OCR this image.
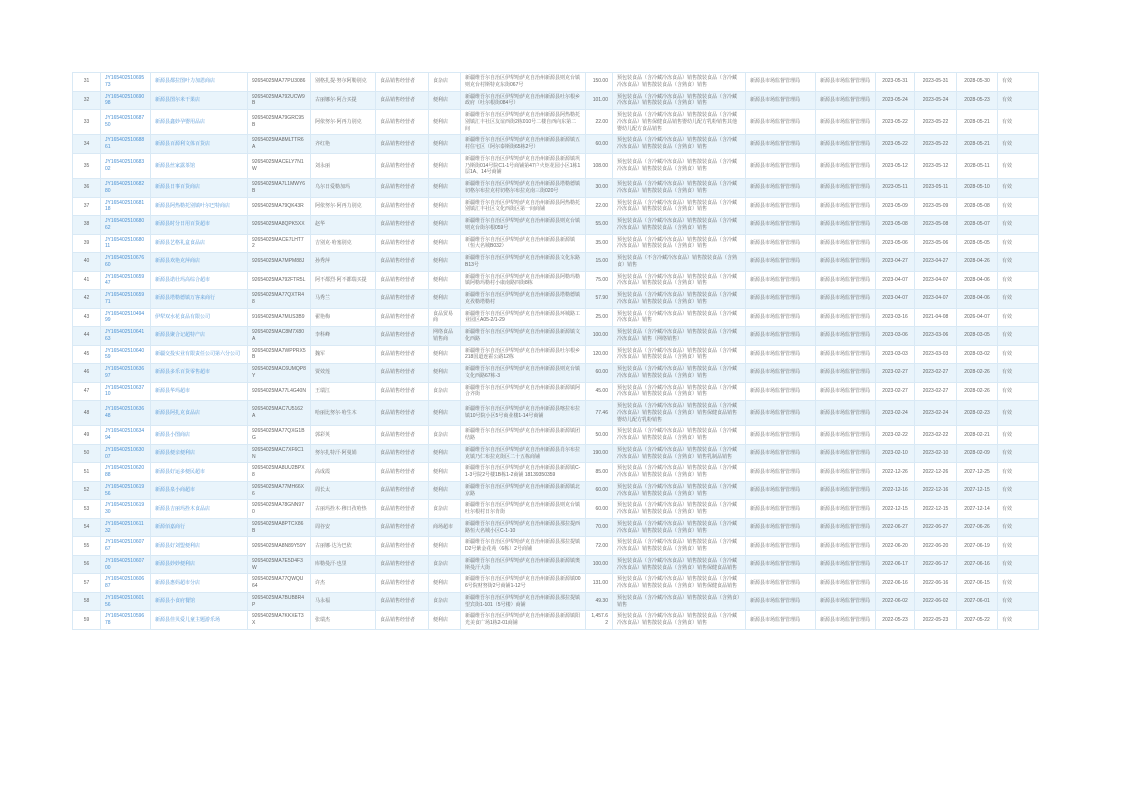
31	JY16540251069573	新源县都拉图叶力加恩商店	92654025MA77PU3086	别格扎提·努尔阿勒别克	食品销售经营者	食杂店	新疆维吾尔自治区伊犁哈萨克自治州新源县则克台镇则克台村斯特克东街067号	150.00	预包装食品（含冷藏冷冻食品）销售散装食品（含冷藏冷冻食品）销售散装食品（含熟食）销售	新源县市场监督管理局	新源县市场监督管理局	2023-05-31	2023-05-31	2028-05-30	有效
32	JY16540251069098	新源县图尔米干果店	92654025MA792UCW9B	古丽娜尔·阿合买提	食品销售经营者	便利店	新疆维吾尔自治区伊犁哈萨克自治州新源县吐尔根乡政府（吐尔根街084号）	101.00	预包装食品（含冷藏冷冻食品）销售散装食品（含冷藏冷冻食品）销售散装食品（含熟食）销售	新源县市场监督管理局	新源县市场监督管理局	2023-05-24	2023-05-24	2028-05-23	有效
33	JY16540251068750	新源县鑫妙孕婴用品店	92654025MA79GRC95B	阿依努尔·阿再力别克	食品销售经营者	便利店	新疆维吾尔自治区伊犁哈萨克自治州新源县阿热勒托别镇汇丰社区友谊西街2栋010号二楼自西向东第二间	22.00	预包装食品（含冷藏冷冻食品）销售散装食品（含冷藏冷冻食品）销售保健食品销售婴幼儿配方乳粉销售其他婴幼儿配方食品销售	新源县市场监督管理局	新源县市场监督管理局	2023-05-22	2023-05-22	2028-05-21	有效
34	JY16540251068861	新源县百源利文体百货店	92654025MA8MLTTR6A	齐红艳	食品销售经营者	便利店	新疆维吾尔自治区伊犁哈萨克自治州新源县新源镇五村住宅区（阿尔泰斯街65栋2号）	60.00	预包装食品（含冷藏冷冻食品）销售散装食品（含冷藏冷冻食品）销售散装食品（含熟食）销售	新源县市场监督管理局	新源县市场监督管理局	2023-05-22	2023-05-22	2028-05-21	有效
35	JY16540251068302	新源县丝家露茶馆	92654025MACELY7N1W	刘永丽	食品销售经营者	便利店	新疆维吾尔自治区伊犁哈萨克自治州新源县新源镇巩乃斯街014号院C1-1号商铺第47户火炬花园小区1栋1层1A、14号商铺	108.00	预包装食品（含冷藏冷冻食品）销售散装食品（含冷藏冷冻食品）销售散装食品（含熟食）销售	新源县市场监督管理局	新源县市场监督管理局	2023-05-12	2023-05-12	2028-05-11	有效
36	JY16540251068280	新源县日事百货商店	92654025MA7L1MWY6B	乌尔日爱勒加玛	食品销售经营者	便利店	新疆维吾尔自治区伊犁哈萨克自治州新源县塔勒德镇切格尔布拉克村切格尔布拉克南三街020号	30.00	预包装食品（含冷藏冷冻食品）销售散装食品（含冷藏冷冻食品）销售散装食品（含熟食）销售	新源县市场监督管理局	新源县市场监督管理局	2023-05-11	2023-05-11	2028-05-10	有效
37	JY16540251068118	新源县阿热勒托别镇叶尔巴特商店	92654025MA79QK43R	阿依努尔·阿再力别克	食品销售经营者	便利店	新疆维吾尔自治区伊犁哈萨克自治州新源县阿热勒托别镇汇丰社区文化西街区第一间商铺	22.00	预包装食品（含冷藏冷冻食品）销售散装食品（含冷藏冷冻食品）销售散装食品（含熟食）销售	新源县市场监督管理局	新源县市场监督管理局	2023-05-09	2023-05-09	2028-05-08	有效
38	JY16540251068062	新源县时分日用百货超市	92654025MA8QPK5XX	赵华	食品销售经营者	便利店	新疆维吾尔自治区伊犁哈萨克自治州新源县则克台镇则克台街尔根059号	55.00	预包装食品（含冷藏冷冻食品）销售散装食品（含冷藏冷冻食品）销售散装食品（含熟食）销售	新源县市场监督管理局	新源县市场监督管理局	2023-05-08	2023-05-08	2028-05-07	有效
39	JY16540251068011	新源县艺格礼盒食品店	92654025MACE7LHT72	吉别克·哈塞别克	食品销售经营者	便利店	新疆维吾尔自治区伊犁哈萨克自治州新源县新源镇（恒大名城B032）	35.00	预包装食品（含冷藏冷冻食品）销售散装食品（含冷藏冷冻食品）销售散装食品（含熟食）销售	新源县市场监督管理局	新源县市场监督管理局	2023-05-06	2023-05-06	2028-05-05	有效
40	JY16540251067660	新源县欢艳克萍商店	92654025MA7MPM88J	孙秀萍	食品销售经营者	便利店	新疆维吾尔自治区伊犁哈萨克自治州新源县文化东路B13号	15.00	预包装食品（不含冷藏冷冻食品）销售散装食品（含熟食）销售	新源县市场监督管理局	新源县市场监督管理局	2023-04-27	2023-04-27	2028-04-26	有效
41	JY16540251065947	新源县诺壮玛高综合超市	92654025MA792FTR5L	阿不都烈·阿不都瑞买提	食品销售经营者	便利店	新疆维吾尔自治区伊犁哈萨克自治州新源县阿勒玛勒镇阿勒玛勒村小康南路四街8栋	75.00	预包装食品（含冷藏冷冻食品）销售散装食品（含冷藏冷冻食品）销售散装食品（含熟食）销售	新源县市场监督管理局	新源县市场监督管理局	2023-04-07	2023-04-07	2028-04-06	有效
42	JY16540251065971	新源县塔勒德镇万客来商行	92654025MA77QXTR48	马秀兰	食品销售经营者	便利店	新疆维吾尔自治区伊犁哈萨克自治州新源县塔勒德镇克孜勒塔勒村	57.90	预包装食品（含冷藏冷冻食品）销售散装食品（含冷藏冷冻食品）销售散装食品（含熟食）销售	新源县市场监督管理局	新源县市场监督管理局	2023-04-07	2023-04-07	2028-04-06	有效
43	JY16540251049499	伊犁双水花食品有限公司	91654025MA7MUS3B9	翟艳梅	食品销售经营者	食品贸易商	新疆维吾尔自治区伊犁哈萨克自治州新源县环城路工业园区A05-2/1-29	25.00	预包装食品（含冷藏冷冻食品）销售散装食品（含冷藏冷冻食品）销售	新源县市场监督管理局	新源县市场监督管理局	2023-03-16	2021-04-08	2026-04-07	有效
44	JY16540251064163	新源县聚合记超特产店	92654025MAC8M7X80A	李科峰	食品销售经营者	网络食品销售商	新疆维吾尔自治区伊犁哈萨克自治州新源县新源镇文化西路	100.00	预包装食品（含冷藏冷冻食品）销售散装食品（含冷藏冷冻食品）销售（网络销售）	新源县市场监督管理局	新源县市场监督管理局	2023-03-06	2023-03-06	2028-03-05	有效
45	JY16540251064059	新疆交投实业有限责任公司第六分公司	92654025MA7WPPRX5B	魏军	食品销售经营者	便利店	新疆维吾尔自治区伊犁哈萨克自治州新源县吐尔根乡218国道连霍公路12栋	120.00	预包装食品（含冷藏冷冻食品）销售散装食品（含冷藏冷冻食品）销售散装食品（含熟食）销售	新源县市场监督管理局	新源县市场监督管理局	2023-03-03	2023-03-03	2028-03-02	有效
46	JY16540251063697	新源县多乐百货零售超市	92654025MAC6UMQP8Y	贾效莲	食品销售经营者	便利店	新疆维吾尔自治区伊犁哈萨克自治州新源县则克台镇文化西路67栋-3	60.00	预包装食品（含冷藏冷冻食品）销售散装食品（含冷藏冷冻食品）销售散装食品（含熟食）销售	新源县市场监督管理局	新源县市场监督管理局	2023-02-27	2023-02-27	2028-02-26	有效
47	JY16540251063710	新源县华玛超市	92654025MA77L4G40N	王瑞江	食品销售经营者	食杂店	新疆维吾尔自治区伊犁哈萨克自治州新源县新源镇阿合齐街	45.00	预包装食品（含冷藏冷冻食品）销售散装食品（含冷藏冷冻食品）销售散装食品（含熟食）销售	新源县市场监督管理局	新源县市场监督管理局	2023-02-27	2023-02-27	2028-02-26	有效
48	JY16540251063648	新源县阿扎克食品店	92654025MAC7U5162A	哈丽比努尔·哈生木	食品销售经营者	便利店	新疆维吾尔自治区伊犁哈萨克自治州新源县喀拉布拉镇10号院小区5号商业楼1-14号商铺	77.46	预包装食品（含冷藏冷冻食品）销售散装食品（含冷藏冷冻食品）销售散装食品（含熟食）销售保健食品销售婴幼儿配方乳粉销售	新源县市场监督管理局	新源县市场监督管理局	2023-02-24	2023-02-24	2028-02-23	有效
49	JY16540251063494	新源县小图商店	92654025MA77QXG1BG	郭彩英	食品销售经营者	食杂店	新疆维吾尔自治区伊犁哈萨克自治州新源县新源镇团结路	50.00	预包装食品（含冷藏冷冻食品）销售散装食品（含冷藏冷冻食品）销售散装食品（含熟食）销售	新源县市场监督管理局	新源县市场监督管理局	2023-02-22	2023-02-22	2028-02-21	有效
50	JY16540251063007	新源县便亲便利店	92654025MAC7XF6C1N	努尔扎特汗·阿曼娟	食品销售经营者	便利店	新疆维吾尔自治区伊犁哈萨克自治州新源县肖尔布拉克镇乃仁布拉克街区二十五栋商铺	190.00	预包装食品（含冷藏冷冻食品）销售散装食品（含冷藏冷冻食品）销售散装食品（含熟食）销售乳制品销售	新源县市场监督管理局	新源县市场监督管理局	2023-02-10	2023-02-10	2028-02-09	有效
51	JY16540251062088	新源县好运多便民超市	92654025MA8UU2BPX8	高成霞	食品销售经营者	便利店	新疆维吾尔自治区伊犁哈萨克自治州新源县新源镇C-1-3号院2号楼1B栋1-2商铺 18139350359	85.00	预包装食品（含冷藏冷冻食品）销售散装食品（含冷藏冷冻食品）销售散装食品（含熟食）销售	新源县市场监督管理局	新源县市场监督管理局	2022-12-26	2022-12-26	2027-12-25	有效
52	JY16540251061956	新源县泉小商超市	92654025MA77MH66X6	周长太	食品销售经营者	便利店	新疆维吾尔自治区伊犁哈萨克自治州新源县新源镇北京路	60.00	预包装食品（含冷藏冷冻食品）销售散装食品（含冷藏冷冻食品）销售散装食品（含熟食）销售	新源县市场监督管理局	新源县市场监督管理局	2022-12-16	2022-12-16	2027-12-15	有效
53	JY16540251061930	新源县吉丽玛拴木食品店	92654025MA78GNN970	古丽玛拴木·穆日孜哈热	食品销售经营者	食杂店	新疆维吾尔自治区伊犁哈萨克自治州新源县则克台镇吐尔根村日尔肯街	60.00	预包装食品（含冷藏冷冻食品）销售散装食品（含冷藏冷冻食品）销售散装食品（含熟食）销售	新源县市场监督管理局	新源县市场监督管理局	2022-12-15	2022-12-15	2027-12-14	有效
54	JY16540251061132	新源佰嘉商行	92654025MA8PTCX86B	周谷安	食品销售经营者	商场超市	新疆维吾尔自治区伊犁哈萨克自治州新源县那拉提西路恒大名城小区C-1-10	70.00	预包装食品（含冷藏冷冻食品）销售散装食品（含冷藏冷冻食品）销售散装食品（含熟食）销售	新源县市场监督管理局	新源县市场监督管理局	2022-06-27	2022-06-27	2027-06-26	有效
55	JY16540251060767	新源县好刘盟便利店	92654025MA8N89Y59Y	古丽娜·达为巴依	食品销售经营者	便利店	新疆维吾尔自治区伊犁哈萨克自治州新源县那拉提镇D2号紫金花苑（6栋）2号商铺	72.00	预包装食品（含冷藏冷冻食品）销售散装食品（含冷藏冷冻食品）销售散装食品（含熟食）销售	新源县市场监督管理局	新源县市场监督管理局	2022-06-20	2022-06-20	2027-06-19	有效
56	JY16540251060700	新源县妙妙便利店	92654025MA7E5D4F3W	库勒曼汗·也里	食品销售经营者	食杂店	新疆维吾尔自治区伊犁哈萨克自治州新源县新源镇奥斯曼汗大街	100.00	预包装食品（含冷藏冷冻食品）销售散装食品（含冷藏冷冻食品）销售散装食品（含熟食）销售保健食品销售	新源县市场监督管理局	新源县市场监督管理局	2022-06-17	2022-06-17	2027-06-16	有效
57	JY16540251060687	新源县惠妈超市分店	92654025MA77QWQU64	许杰	食品销售经营者	便利店	新疆维吾尔自治区伊犁哈萨克自治州新源县新源镇006号院财努街2号商铺1-12号	131.00	预包装食品（含冷藏冷冻食品）销售散装食品（含冷藏冷冻食品）销售散装食品（含熟食）销售保健食品销售	新源县市场监督管理局	新源县市场监督管理局	2022-06-16	2022-06-16	2027-06-15	有效
58	JY16540251060156	新源县小食府餐馆	92654025MA7BUB8R4P	马永福	食品销售经营者	食杂店	新疆维吾尔自治区伊犁哈萨克自治州新源县那拉提镇望宾街1-101（5号楼）商铺	49.30	预包装食品（含冷藏冷冻食品）销售散装食品（含熟食）销售	新源县市场监督管理局	新源县市场监督管理局	2022-06-02	2022-06-02	2027-06-01	有效
59	JY16540251059678	新源县佳贝爱儿童主题游乐场	92654025MA7KKXET3X	张瑞杰	食品销售经营者	便利店	新疆维吾尔自治区伊犁哈萨克自治州新源县新源镇阳光美食广场1栋2-01商铺	1,457.62	预包装食品（含冷藏冷冻食品）销售散装食品（含冷藏冷冻食品）销售散装食品（含熟食）销售	新源县市场监督管理局	新源县市场监督管理局	2022-05-23	2022-05-23	2027-05-22	有效
